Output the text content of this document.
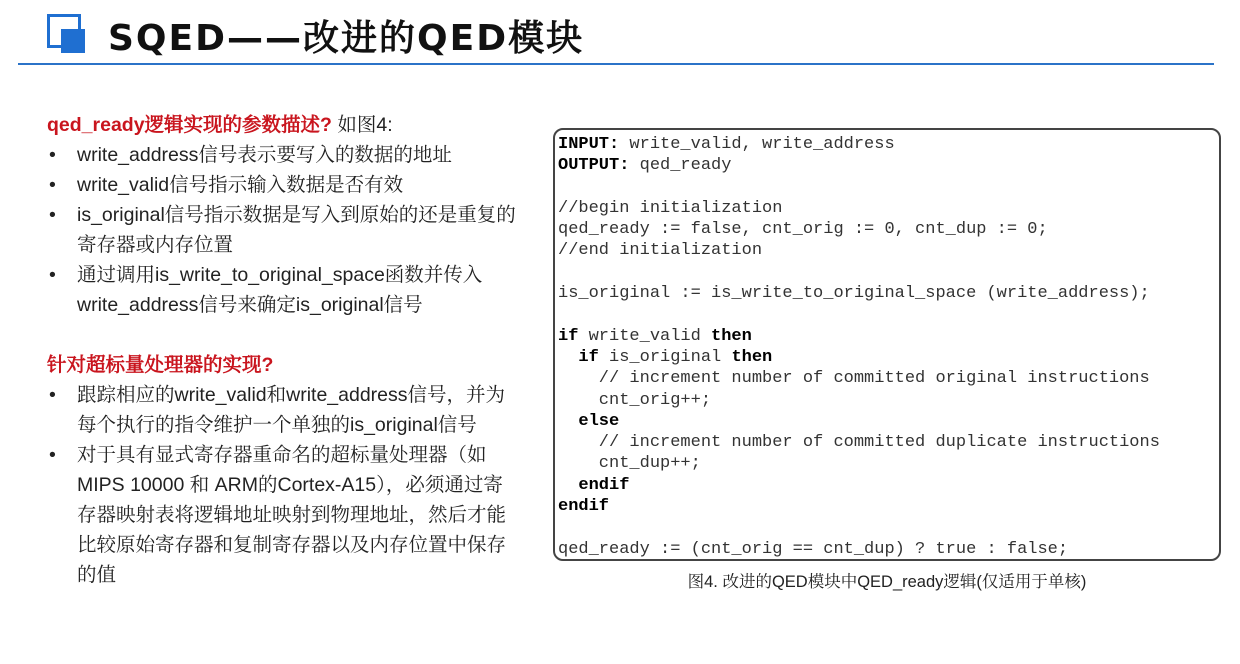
SQED——改进的QED模块
qed_ready逻辑实现的参数描述? 如图4:
• write_address信号表示要写入的数据的地址
• write_valid信号指示输入数据是否有效
• is_original信号指示数据是写入到原始的还是重复的寄存器或内存位置
• 通过调用is_write_to_original_space函数并传入write_address信号来确定is_original信号
针对超标量处理器的实现?
• 跟踪相应的write_valid和write_address信号，并为每个执行的指令维护一个单独的is_original信号
• 对于具有显式寄存器重命名的超标量处理器（如MIPS 10000 和 ARM的Cortex-A15），必须通过寄存器映射表将逻辑地址映射到物理地址，然后才能比较原始寄存器和复制寄存器以及内存位置中保存的值
INPUT: write_valid, write_address
OUTPUT: qed_ready

//begin initialization
qed_ready := false, cnt_orig := 0, cnt_dup := 0;
//end initialization

is_original := is_write_to_original_space (write_address);

if write_valid then
if is_original then
// increment number of committed original instructions
cnt_orig++;
else
// increment number of committed duplicate instructions
cnt_dup++;
endif
endif

qed_ready := (cnt_orig == cnt_dup) ? true : false;
图4. 改进的QED模块中QED_ready逻辑(仅适用于单核)
